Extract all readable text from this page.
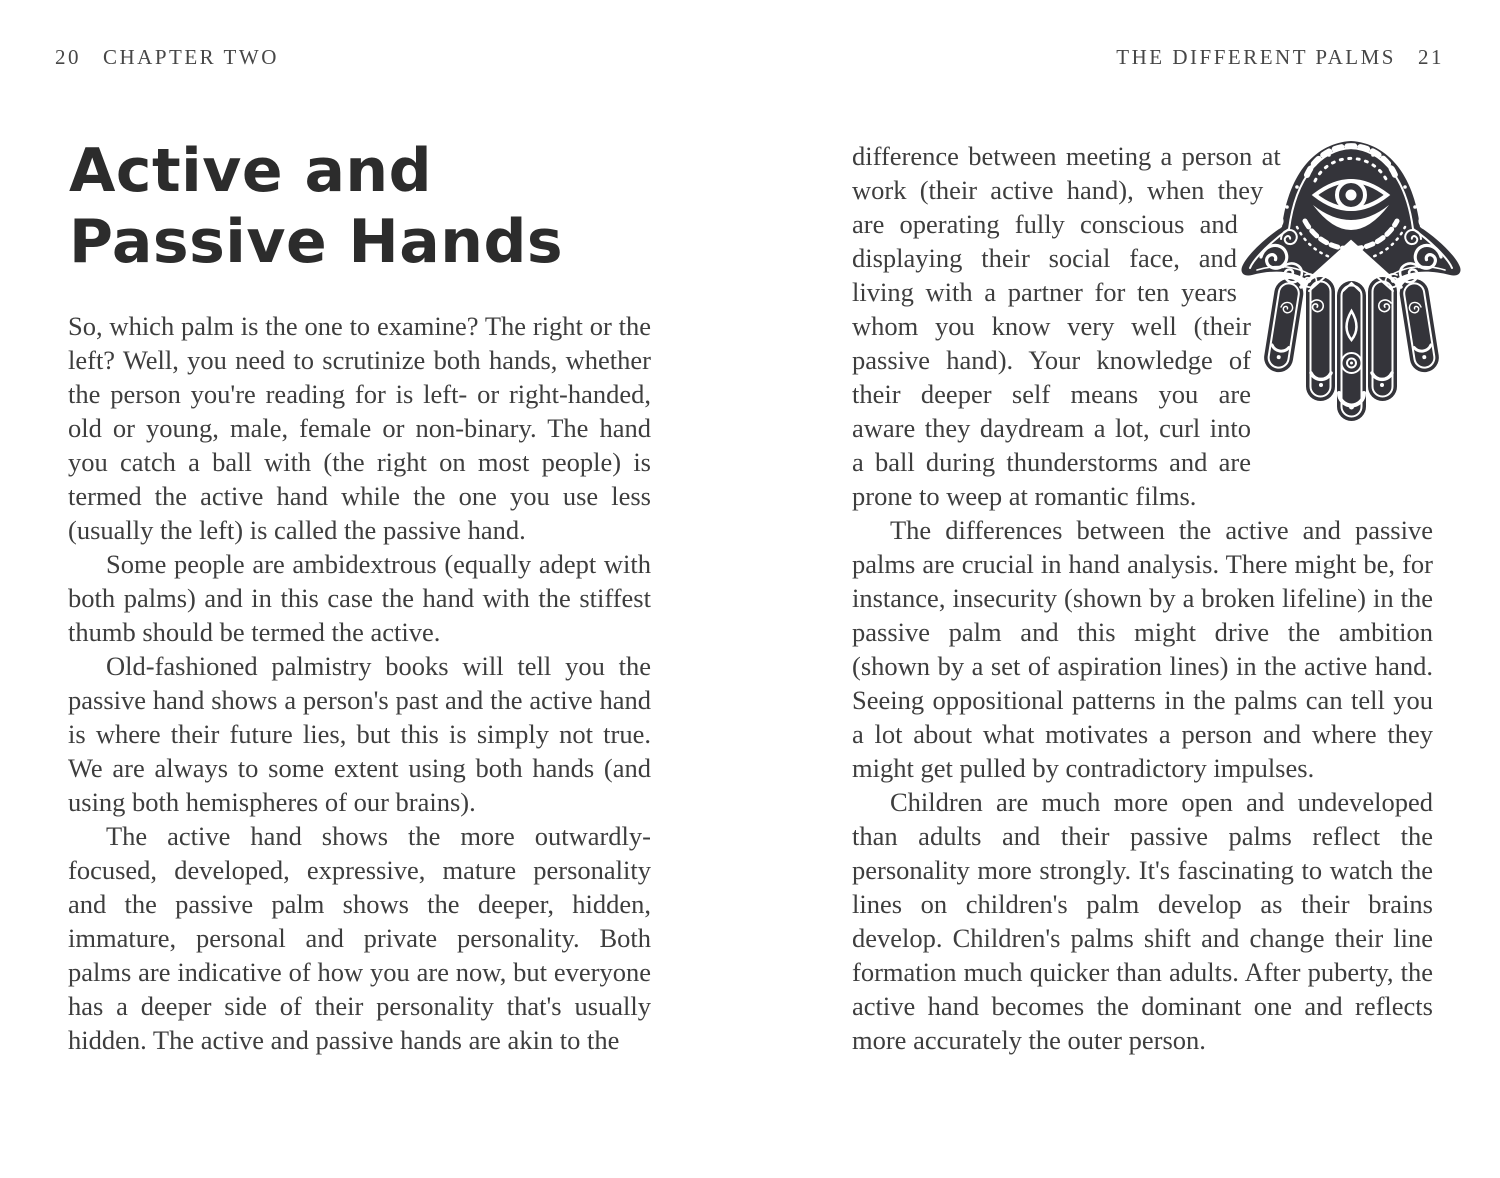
20 CHAPTER TWO
Active and
Passive Hands

So, which palm is the one to examine? The right or the left? Well, you need to scrutinize both hands, whether the person you're reading for is left- or right-handed, old or young, male, female or non-binary. The hand you catch a ball with (the right on most people) is termed the active hand while the one you use less (usually the left) is called the passive hand.

Some people are ambidextrous (equally adept with both palms) and in this case the hand with the stiffest thumb should be termed the active.

Old-fashioned palmistry books will tell you the passive hand shows a person's past and the active hand is where their future lies, but this is simply not true. We are always to some extent using both hands (and using both hemispheres of our brains).

The active hand shows the more outwardly-focused, developed, expressive, mature personality and the passive palm shows the deeper, hidden, immature, personal and private personality. Both palms are indicative of how you are now, but everyone has a deeper side of their personality that's usually hidden. The active and passive hands are akin to the

THE DIFFERENT PALMS 21

difference between meeting a person at work (their active hand), when they are operating fully conscious and displaying their social face, and living with a partner for ten years whom you know very well (their passive hand). Your knowledge of their deeper self means you are aware they daydream a lot, curl into a ball during thunderstorms and are prone to weep at romantic films.

The differences between the active and passive palms are crucial in hand analysis. There might be, for instance, insecurity (shown by a broken lifeline) in the passive palm and this might drive the ambition (shown by a set of aspiration lines) in the active hand. Seeing oppositional patterns in the palms can tell you a lot about what motivates a person and where they might get pulled by contradictory impulses.

Children are much more open and undeveloped than adults and their passive palms reflect the personality more strongly. It's fascinating to watch the lines on children's palm develop as their brains develop. Children's palms shift and change their line formation much quicker than adults. After puberty, the active hand becomes the dominant one and reflects more accurately the outer person.
